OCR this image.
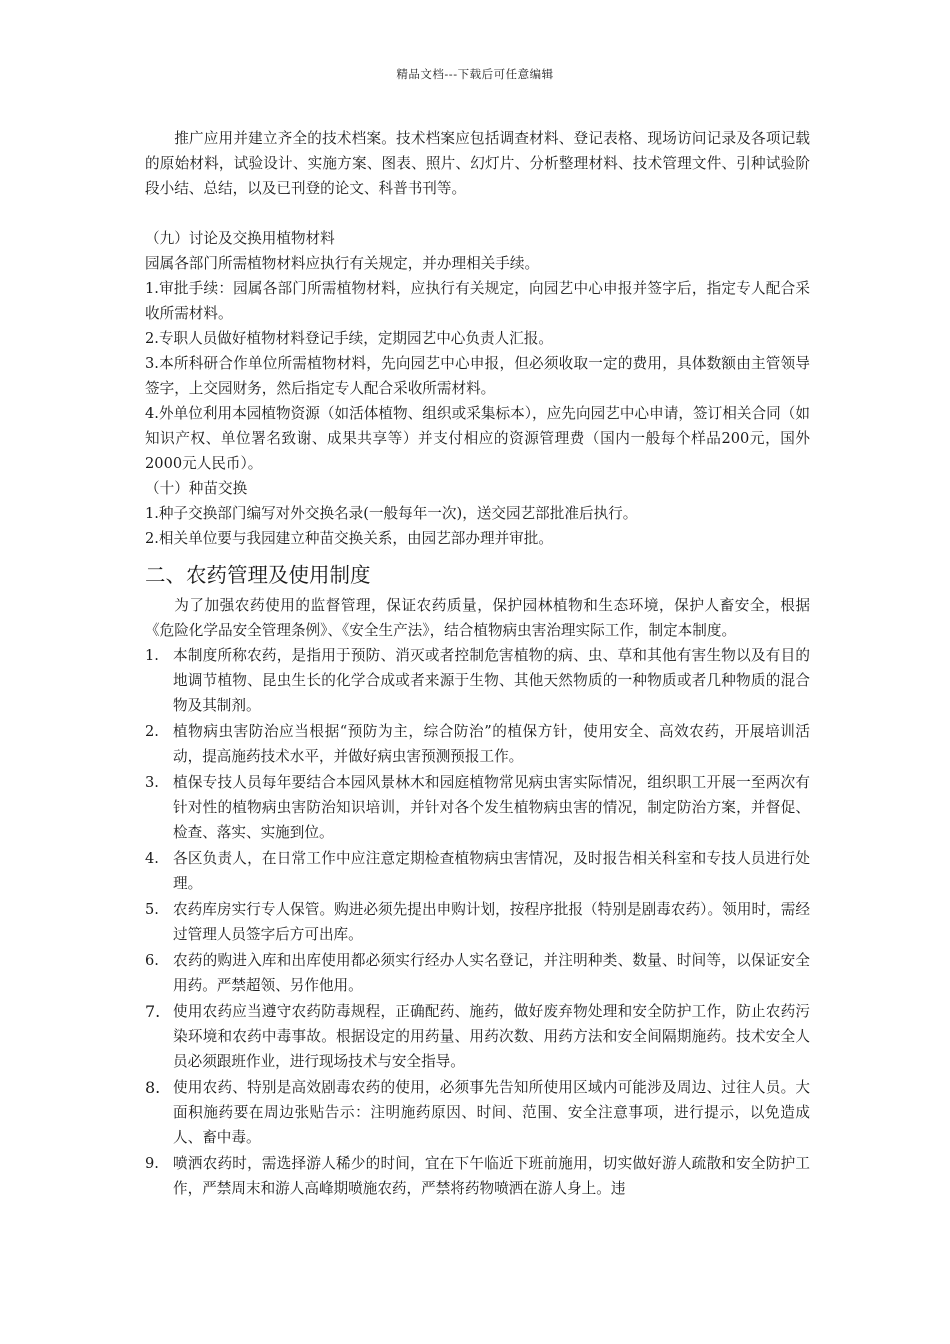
精品文档---下载后可任意编辑

推广应用并建立齐全的技术档案。技术档案应包括调查材料、登记表格、现场访问记录及各项记载的原始材料，试验设计、实施方案、图表、照片、幻灯片、分析整理材料、技术管理文件、引种试验阶段小结、总结，以及已刊登的论文、科普书刊等。

（九）讨论及交换用植物材料

园属各部门所需植物材料应执行有关规定，并办理相关手续。

1.审批手续：园属各部门所需植物材料，应执行有关规定，向园艺中心申报并签字后，指定专人配合采收所需材料。

2.专职人员做好植物材料登记手续，定期园艺中心负责人汇报。

3.本所科研合作单位所需植物材料，先向园艺中心申报，但必须收取一定的费用，具体数额由主管领导签字，上交园财务，然后指定专人配合采收所需材料。

4.外单位利用本园植物资源（如活体植物、组织或采集标本），应先向园艺中心申请，签订相关合同（如知识产权、单位署名致谢、成果共享等）并支付相应的资源管理费（国内一般每个样品200元，国外2000元人民币）。

（十）种苗交换

1.种子交换部门编写对外交换名录(一般每年一次)，送交园艺部批准后执行。

2.相关单位要与我园建立种苗交换关系，由园艺部办理并审批。

二、农药管理及使用制度

为了加强农药使用的监督管理，保证农药质量，保护园林植物和生态环境，保护人畜安全，根据《危险化学品安全管理条例》、《安全生产法》，结合植物病虫害治理实际工作，制定本制度。

1. 本制度所称农药，是指用于预防、消灭或者控制危害植物的病、虫、草和其他有害生物以及有目的地调节植物、昆虫生长的化学合成或者来源于生物、其他天然物质的一种物质或者几种物质的混合物及其制剂。
2. 植物病虫害防治应当根据“预防为主，综合防治”的植保方针，使用安全、高效农药，开展培训活动，提高施药技术水平，并做好病虫害预测预报工作。
3. 植保专技人员每年要结合本园风景林木和园庭植物常见病虫害实际情况，组织职工开展一至两次有针对性的植物病虫害防治知识培训，并针对各个发生植物病虫害的情况，制定防治方案，并督促、检查、落实、实施到位。
4. 各区负责人，在日常工作中应注意定期检查植物病虫害情况，及时报告相关科室和专技人员进行处理。
5. 农药库房实行专人保管。购进必须先提出申购计划，按程序批报（特别是剧毒农药）。领用时，需经过管理人员签字后方可出库。
6. 农药的购进入库和出库使用都必须实行经办人实名登记，并注明种类、数量、时间等，以保证安全用药。严禁超领、另作他用。
7. 使用农药应当遵守农药防毒规程，正确配药、施药，做好废弃物处理和安全防护工作，防止农药污染环境和农药中毒事故。根据设定的用药量、用药次数、用药方法和安全间隔期施药。技术安全人员必须跟班作业，进行现场技术与安全指导。
8. 使用农药、特别是高效剧毒农药的使用，必须事先告知所使用区域内可能涉及周边、过往人员。大面积施药要在周边张贴告示：注明施药原因、时间、范围、安全注意事项，进行提示，以免造成人、畜中毒。
9. 喷洒农药时，需选择游人稀少的时间，宜在下午临近下班前施用，切实做好游人疏散和安全防护工作，严禁周末和游人高峰期喷施农药，严禁将药物喷洒在游人身上。违
